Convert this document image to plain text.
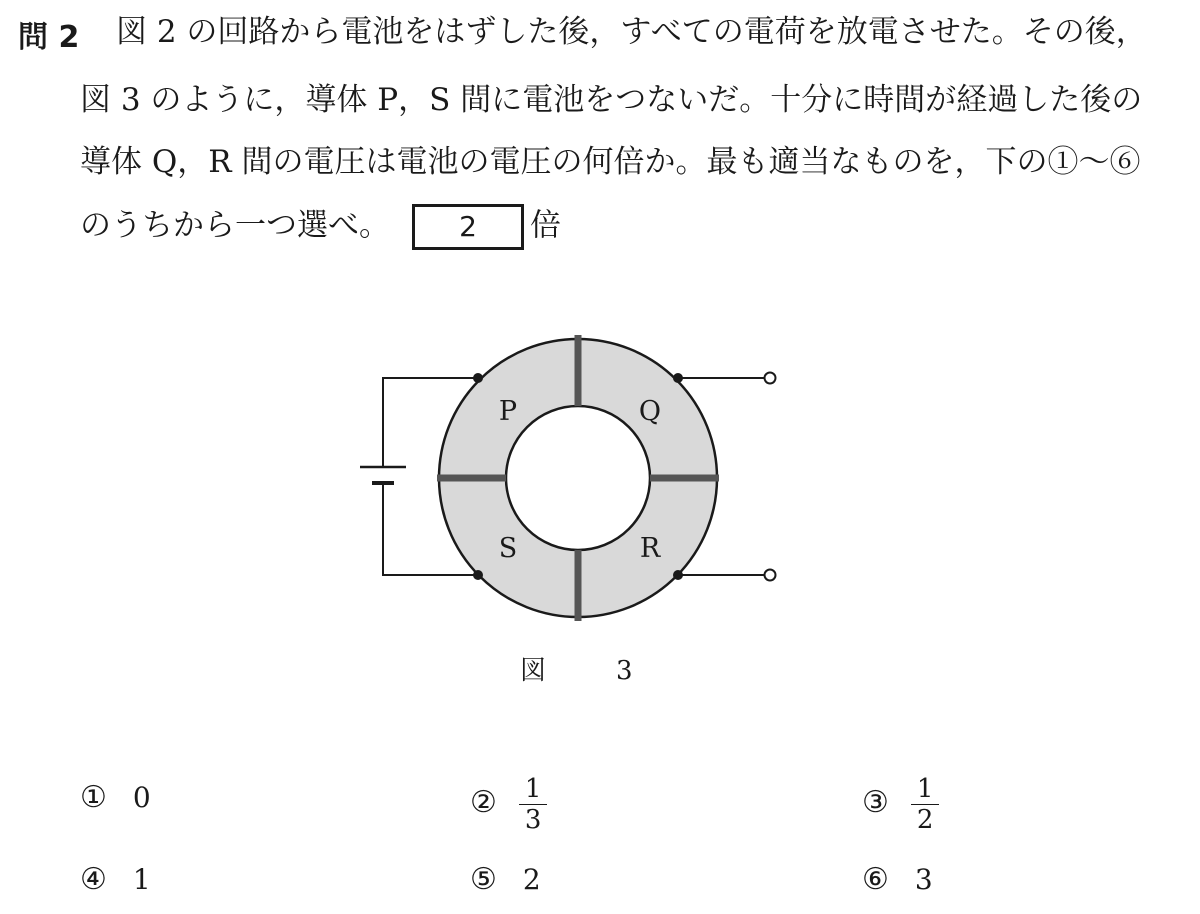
問 2 図 2 の回路から電池をはずした後，すべての電荷を放電させた。その後，
図 3 のように，導体 P，S 間に電池をつないだ。十分に時間が経過した後の
導体 Q，R 間の電圧は電池の電圧の何倍か。最も適当なものを，下の①～⑥
のうちから一つ選べ。 2 倍
P	Q
S	R
図　3
① 0	② $\frac{1}{3}$	③ $\frac{1}{2}$
④ 1	⑤ 2	⑥ 3
